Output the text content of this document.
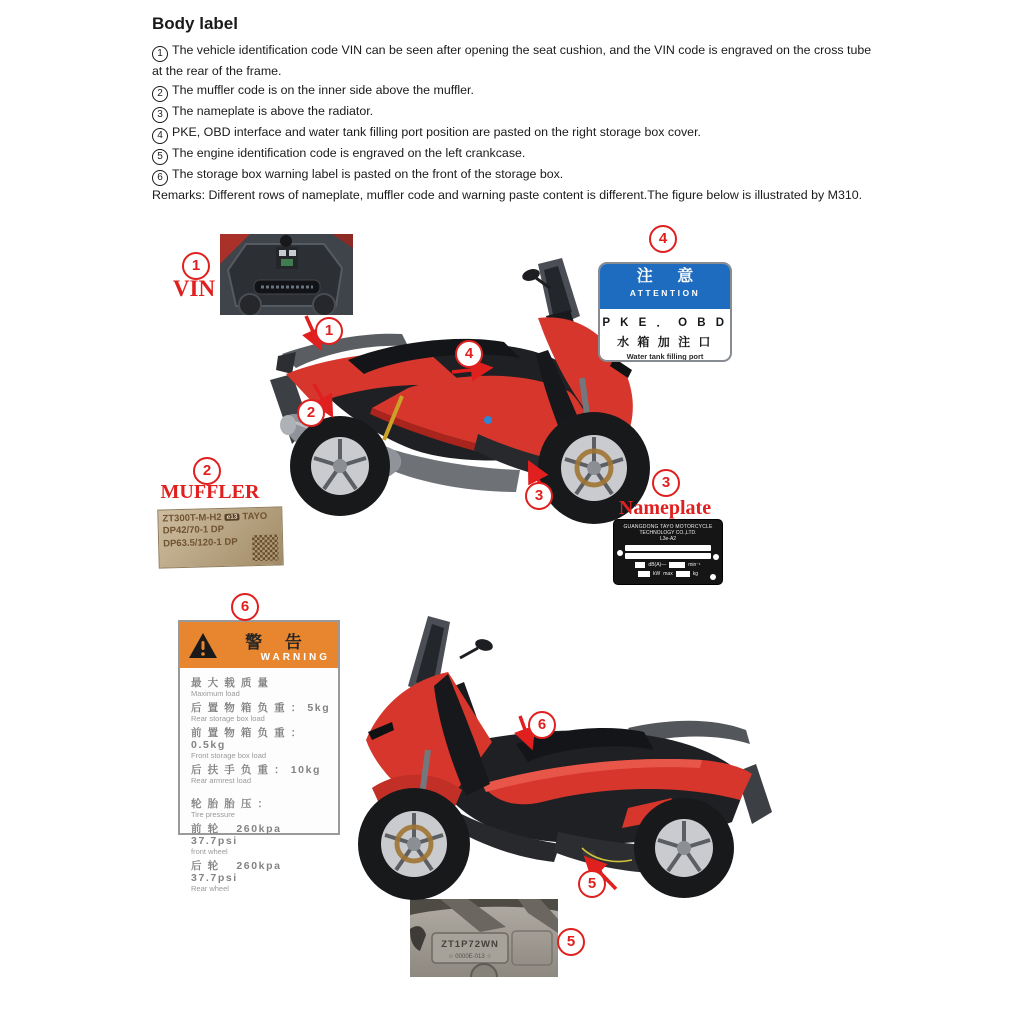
Body label

1 The vehicle identification code VIN can be seen after opening the seat cushion, and the VIN code is engraved on the cross tube at the rear of the frame.

2 The muffler code is on the inner side above the muffler.

3 The nameplate is above the radiator.

4 PKE, OBD interface and water tank filling port position are pasted on the right storage box cover.

5 The engine identification code is engraved on the left crankcase.

6 The storage box warning label is pasted on the front of the storage box.

Remarks: Different rows of nameplate, muffler code and warning paste content is different.The figure below is illustrated by M310.

1
VIN
1
2
4
3
4
注 意
ATTENTION
P K E ． O B D
水 箱 加 注 口
Water tank filling port
2
MUFFLER
ZT300T-M-H2 e13 TAYO
DP42/70-1 DP
DP63.5/120-1 DP
3
Nameplate
GUANGDONG TAYO MOTORCYCLE
TECHNOLOGY CO.,LTD.
L3e-A2
dB(A)—	min⁻¹
kW max	kg
6
警 告
WARNING
最 大 载 质 量
Maximum load
后 置 物 箱 负 重 ： 5kg
Rear storage box load
前 置 物 箱 负 重 ： 0.5kg
Front storage box load
后 扶 手 负 重 ： 10kg
Rear armrest load
轮 胎 胎 压 ：
Tire pressure
前 轮　 260kpa　 37.7psi
front wheel
后 轮　 260kpa　 37.7psi
Rear wheel
6
5
ZT1P72WN
☆ 0000E-013 ☆
5
